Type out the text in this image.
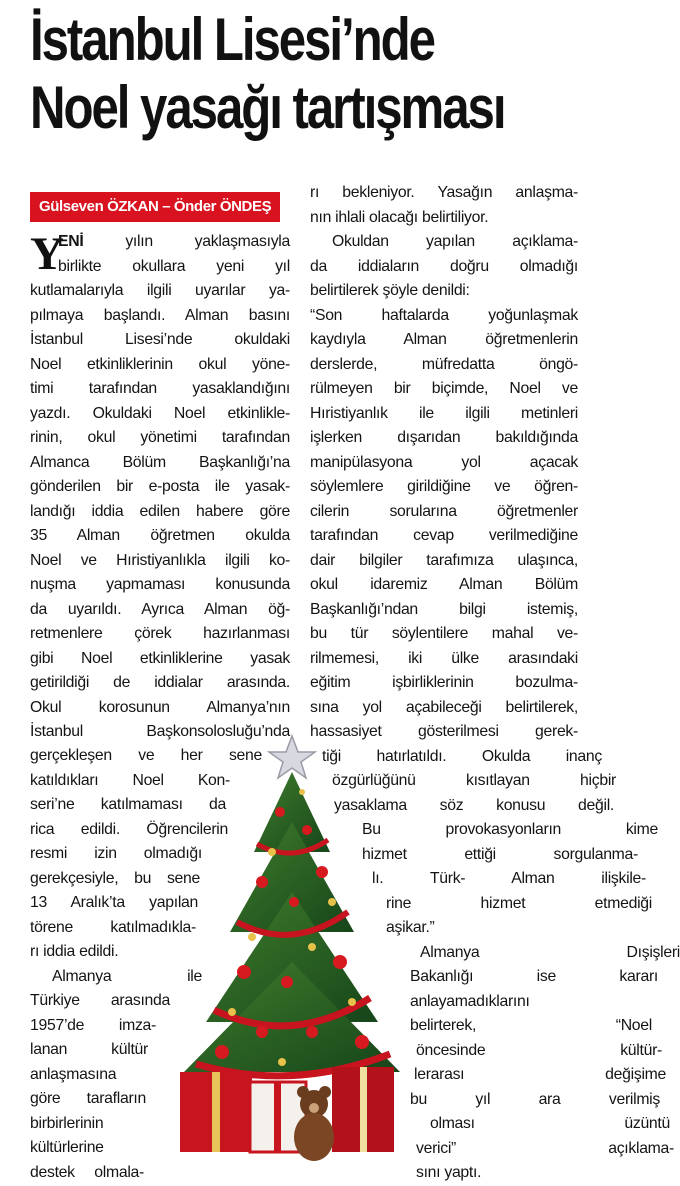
İstanbul Lisesi’nde
Noel yasağı tartışması
Gülseven ÖZKAN – Önder ÖNDEŞ
Y
ENİ yılın yaklaşmasıyla
birlikte okullara yeni yıl
kutlamalarıyla ilgili uyarılar ya-
pılmaya başlandı. Alman basını
İstanbul Lisesi’nde okuldaki
Noel etkinliklerinin okul yöne-
timi tarafından yasaklandığını
yazdı. Okuldaki Noel etkinlikle-
rinin, okul yönetimi tarafından
Almanca Bölüm Başkanlığı’na
gönderilen bir e-posta ile yasak-
landığı iddia edilen habere göre
35 Alman öğretmen okulda
Noel ve Hıristiyanlıkla ilgili ko-
nuşma yapmaması konusunda
da uyarıldı. Ayrıca Alman öğ-
retmenlere çörek hazırlanması
gibi Noel etkinliklerine yasak
getirildiği de iddialar arasında.
Okul korosunun Almanya’nın
İstanbul Başkonsolosluğu’nda
gerçekleşen ve her sene
katıldıkları Noel Kon-
seri’ne katılmaması da
rica edildi. Öğrencilerin
resmi izin olmadığı
gerekçesiyle, bu sene
13 Aralık’ta yapılan
törene katılmadıkla-
rı iddia edildi.
Almanya ile
Türkiye arasında
1957’de imza-
lanan kültür
anlaşmasına
göre tarafların
birbirlerinin
kültürlerine
destek olmala-
rı bekleniyor. Yasağın anlaşma-
nın ihlali olacağı belirtiliyor.
Okuldan yapılan açıklama-
da iddiaların doğru olmadığı
belirtilerek şöyle denildi:
“Son haftalarda yoğunlaşmak
kaydıyla Alman öğretmenlerin
derslerde, müfredatta öngö-
rülmeyen bir biçimde, Noel ve
Hıristiyanlık ile ilgili metinleri
işlerken dışarıdan bakıldığında
manipülasyona yol açacak
söylemlere girildiğine ve öğren-
cilerin sorularına öğretmenler
tarafından cevap verilmediğine
dair bilgiler tarafımıza ulaşınca,
okul idaremiz Alman Bölüm
Başkanlığı’ndan bilgi istemiş,
bu tür söylentilere mahal ve-
rilmemesi, iki ülke arasındaki
eğitim işbirliklerinin bozulma-
sına yol açabileceği belirtilerek,
hassasiyet gösterilmesi gerek-
tiği hatırlatıldı. Okulda inanç
özgürlüğünü kısıtlayan hiçbir
yasaklama söz konusu değil.
Bu provokasyonların kime
hizmet ettiği sorgulanma-
lı. Türk- Alman ilişkile-
rine hizmet etmediği
aşikar.”
Almanya Dışişleri
Bakanlığı ise kararı
anlayamadıklarını
belirterek, “Noel
öncesinde kültür-
lerarası değişime
bu yıl ara verilmiş
olması üzüntü
verici” açıklama-
sını yaptı.
